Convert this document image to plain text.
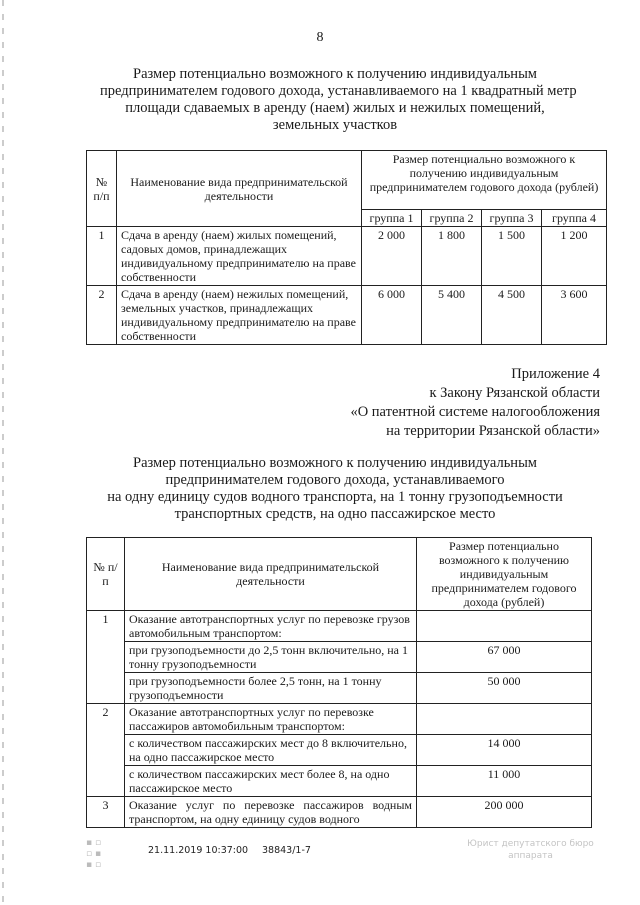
8
Размер потенциально возможного к получению индивидуальным
предпринимателем годового дохода, устанавливаемого на 1 квадратный метр
площади сдаваемых в аренду (наем) жилых и нежилых помещений,
земельных участков
№ п/п	Наименование вида предпринимательской деятельности	Размер потенциально возможного к получению индивидуальным предпринимателем годового дохода (рублей)			
		группа 1	группа 2	группа 3	группа 4
1	Сдача в аренду (наем) жилых помещений, садовых домов, принадлежащих индивидуальному предпринимателю на праве собственности	2 000	1 800	1 500	1 200
2	Сдача в аренду (наем) нежилых помещений, земельных участков, принадлежащих индивидуальному предпринимателю на праве собственности	6 000	5 400	4 500	3 600
Приложение 4
к Закону Рязанской области
«О патентной системе налогообложения
на территории Рязанской области»
Размер потенциально возможного к получению индивидуальным
предпринимателем годового дохода, устанавливаемого
на одну единицу судов водного транспорта, на 1 тонну грузоподъемности
транспортных средств, на одно пассажирское место
№ п/п	Наименование вида предпринимательской деятельности	Размер потенциально возможного к получению индивидуальным предпринимателем годового дохода (рублей)
1	Оказание автотранспортных услуг по перевозке грузов автомобильным транспортом:	
	при грузоподъемности до 2,5 тонн включительно, на 1 тонну грузоподъемности	67 000
	при грузоподъемности более 2,5 тонн, на 1 тонну грузоподъемности	50 000
2	Оказание автотранспортных услуг по перевозке пассажиров автомобильным транспортом:	
	с количеством пассажирских мест до 8 включительно, на одно пассажирское место	14 000
	с количеством пассажирских мест более 8, на одно пассажирское место	11 000
3	Оказание услуг по перевозке пассажиров водным транспортом, на одну единицу судов водного	200 000
▪ ▫
▫ ▪
▪ ▫
21.11.2019 10:37:00 38843/1-7
Юрист депутатского бюро аппарата
